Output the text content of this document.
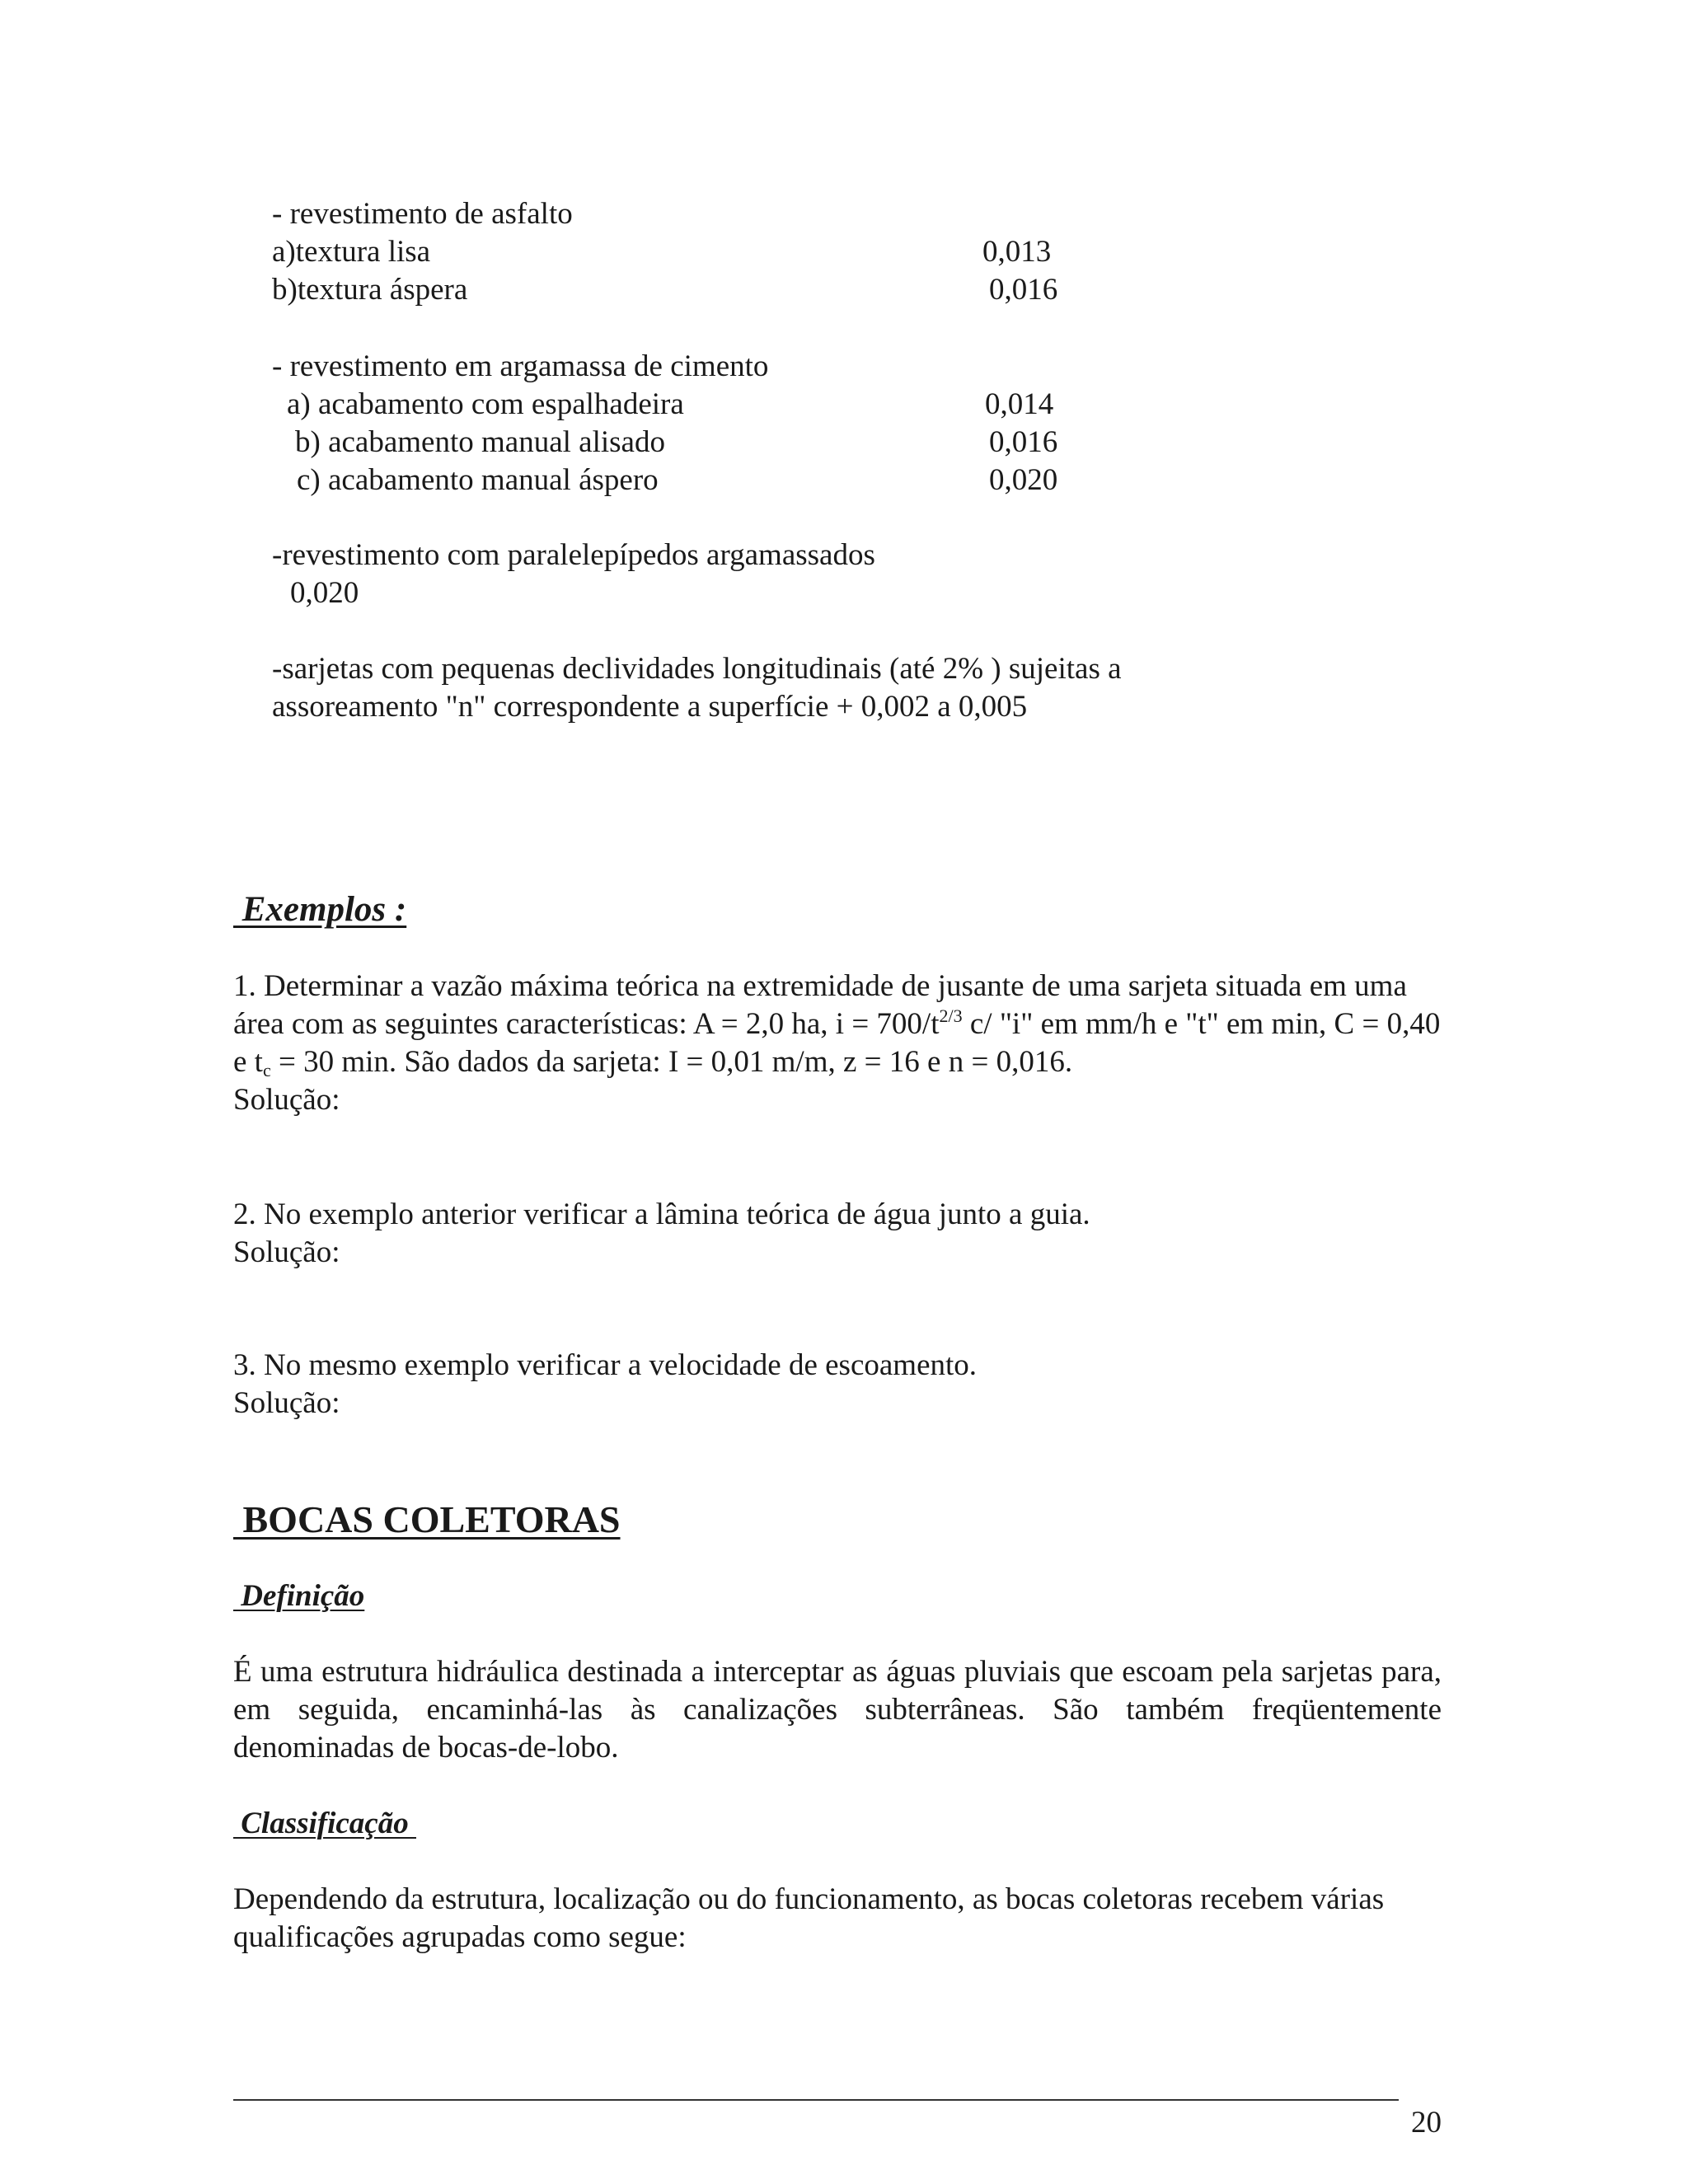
- revestimento de asfalto
a)textura lisa	0,013
b)textura áspera	0,016
- revestimento em argamassa de cimento
a) acabamento com espalhadeira	0,014
b) acabamento manual alisado	0,016
c) acabamento manual áspero	0,020
-revestimento com paralelepípedos argamassados
0,020
-sarjetas com pequenas declividades longitudinais (até 2% ) sujeitas a
assoreamento "n" correspondente a superfície + 0,002 a 0,005
Exemplos :
1. Determinar a vazão máxima teórica na extremidade de jusante de uma sarjeta situada em uma área com as seguintes características: A = 2,0 ha, $i = 700/t^{2/3}$ c/ "i" em mm/h e "t" em min, C = 0,40 e $t_c = 30$ min. São dados da sarjeta: I = 0,01 m/m, z = 16 e n = 0,016.
Solução:
2. No exemplo anterior verificar a lâmina teórica de água junto a guia.
Solução:
3. No mesmo exemplo verificar a velocidade de escoamento.
Solução:
BOCAS COLETORAS
Definição
É uma estrutura hidráulica destinada a interceptar as águas pluviais que escoam pela sarjetas para, em seguida, encaminhá-las às canalizações subterrâneas. São também freqüentemente denominadas de bocas-de-lobo.
Classificação
Dependendo da estrutura, localização ou do funcionamento, as bocas coletoras recebem várias qualificações agrupadas como segue:
20
